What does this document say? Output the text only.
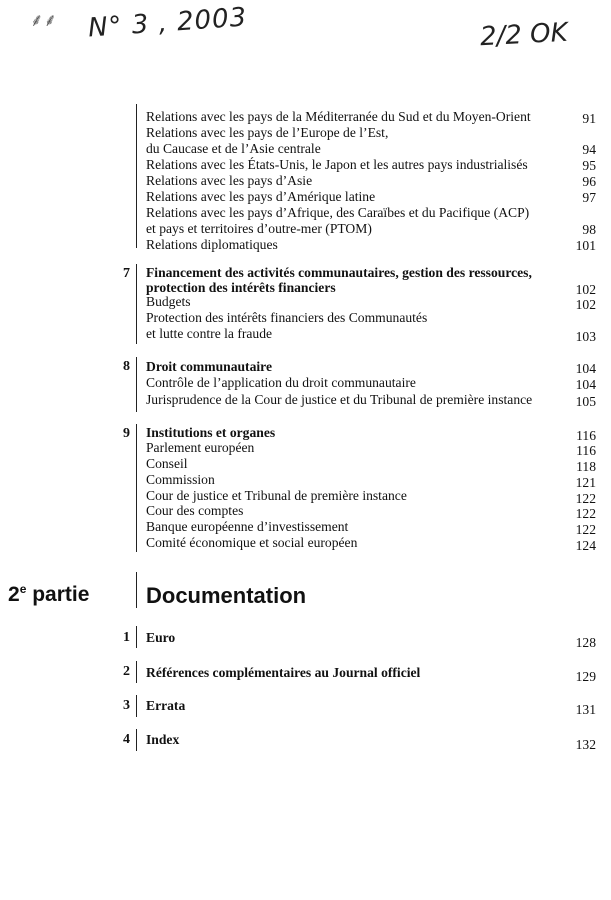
⸙⸙ N° 3 , 2003	2/2 OK
Relations avec les pays de la Méditerranée du Sud et du Moyen-Orient	91
Relations avec les pays de l’Europe de l’Est,
du Caucase et de l’Asie centrale	94
Relations avec les États-Unis, le Japon et les autres pays industrialisés	95
Relations avec les pays d’Asie	96
Relations avec les pays d’Amérique latine	97
Relations avec les pays d’Afrique, des Caraïbes et du Pacifique (ACP)
et pays et territoires d’outre-mer (PTOM)	98
Relations diplomatiques	101
7 Financement des activités communautaires, gestion des ressources,
protection des intérêts financiers	102
Budgets	102
Protection des intérêts financiers des Communautés
et lutte contre la fraude	103
8 Droit communautaire	104
Contrôle de l’application du droit communautaire	104
Jurisprudence de la Cour de justice et du Tribunal de première instance	105
9 Institutions et organes	116
Parlement européen	116
Conseil	118
Commission	121
Cour de justice et Tribunal de première instance	122
Cour des comptes	122
Banque européenne d’investissement	122
Comité économique et social européen	124
2e partie	Documentation
1 Euro	128
2 Références complémentaires au Journal officiel	129
3 Errata	131
4 Index	132
